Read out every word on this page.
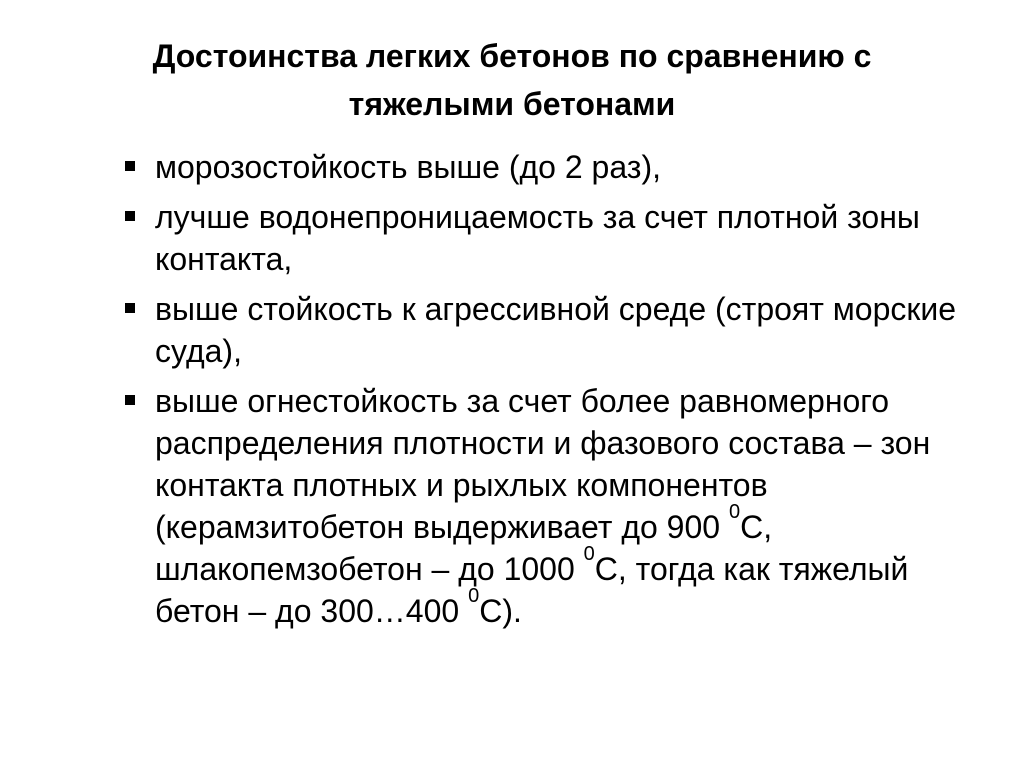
Достоинства легких бетонов по сравнению с
тяжелыми бетонами
морозостойкость выше (до 2 раз),
лучше водонепроницаемость за счет плотной зоны контакта,
выше стойкость к агрессивной среде (строят морские суда),
выше огнестойкость за счет более равномерного распределения плотности и фазового состава – зон контакта плотных и рыхлых компонентов (керамзитобетон выдерживает до 900 $^0$С, шлакопемзобетон – до 1000 $^0$С, тогда как тяжелый бетон – до 300…400 $^0$С).
